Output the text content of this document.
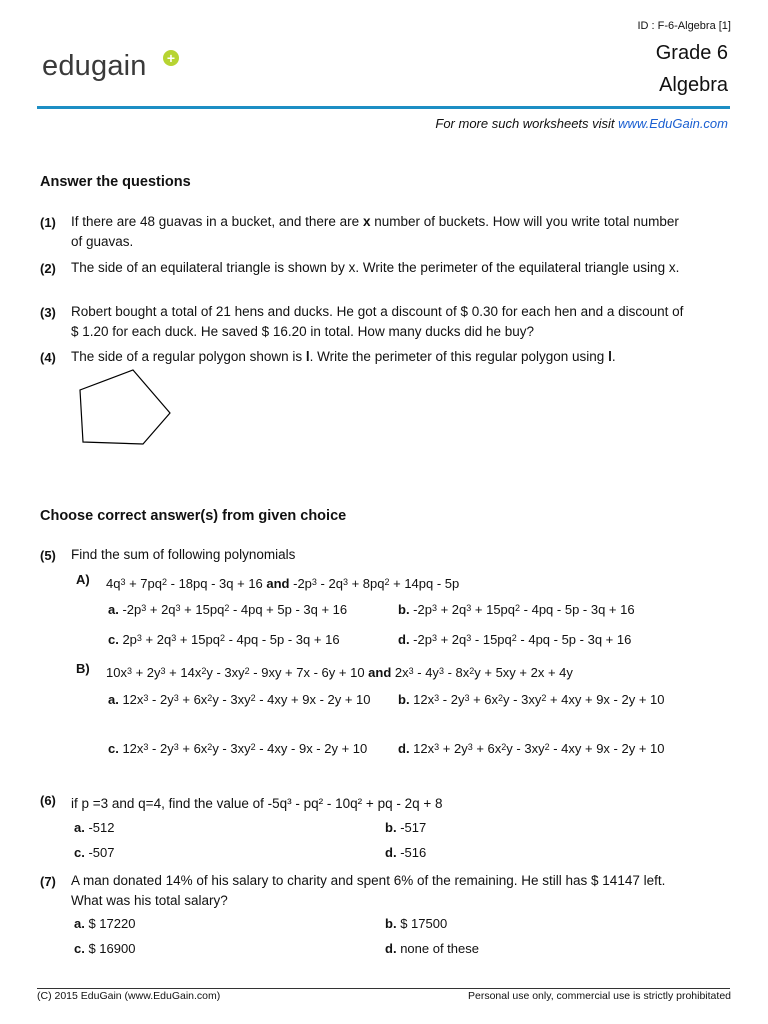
ID : F-6-Algebra [1]
Grade 6
Algebra
edugain +
For more such worksheets visit www.EduGain.com
Answer the questions
(1) If there are 48 guavas in a bucket, and there are x number of buckets. How will you write total number of guavas.
(2) The side of an equilateral triangle is shown by x. Write the perimeter of the equilateral triangle using x.
(3) Robert bought a total of 21 hens and ducks. He got a discount of $ 0.30 for each hen and a discount of $ 1.20 for each duck. He saved $ 16.20 in total. How many ducks did he buy?
(4) The side of a regular polygon shown is l. Write the perimeter of this regular polygon using l.
Choose correct answer(s) from given choice
(5) Find the sum of following polynomials
A) $4q^3 + 7pq^2 - 18pq - 3q + 16$ and $-2p^3 - 2q^3 + 8pq^2 + 14pq - 5p$
a. $-2p^3 + 2q^3 + 15pq^2 - 4pq + 5p - 3q + 16$	b. $-2p^3 + 2q^3 + 15pq^2 - 4pq - 5p - 3q + 16$
c. $2p^3 + 2q^3 + 15pq^2 - 4pq - 5p - 3q + 16$	d. $-2p^3 + 2q^3 - 15pq^2 - 4pq - 5p - 3q + 16$
B) $10x^3 + 2y^3 + 14x^2y - 3xy^2 - 9xy + 7x - 6y + 10$ and $2x^3 - 4y^3 - 8x^2y + 5xy + 2x + 4y$
a. $12x^3 - 2y^3 + 6x^2y - 3xy^2 - 4xy + 9x - 2y + 10$	b. $12x^3 - 2y^3 + 6x^2y - 3xy^2 + 4xy + 9x - 2y + 10$
c. $12x^3 - 2y^3 + 6x^2y - 3xy^2 - 4xy - 9x - 2y + 10$	d. $12x^3 + 2y^3 + 6x^2y - 3xy^2 - 4xy + 9x - 2y + 10$
(6) if p =3 and q=4, find the value of -5q³ - pq² - 10q² + pq - 2q + 8
a. -512	b. -517
c. -507	d. -516
(7) A man donated 14% of his salary to charity and spent 6% of the remaining. He still has $ 14147 left. What was his total salary?
a. $ 17220	b. $ 17500
c. $ 16900	d. none of these
(C) 2015 EduGain (www.EduGain.com)	Personal use only, commercial use is strictly prohibitated
